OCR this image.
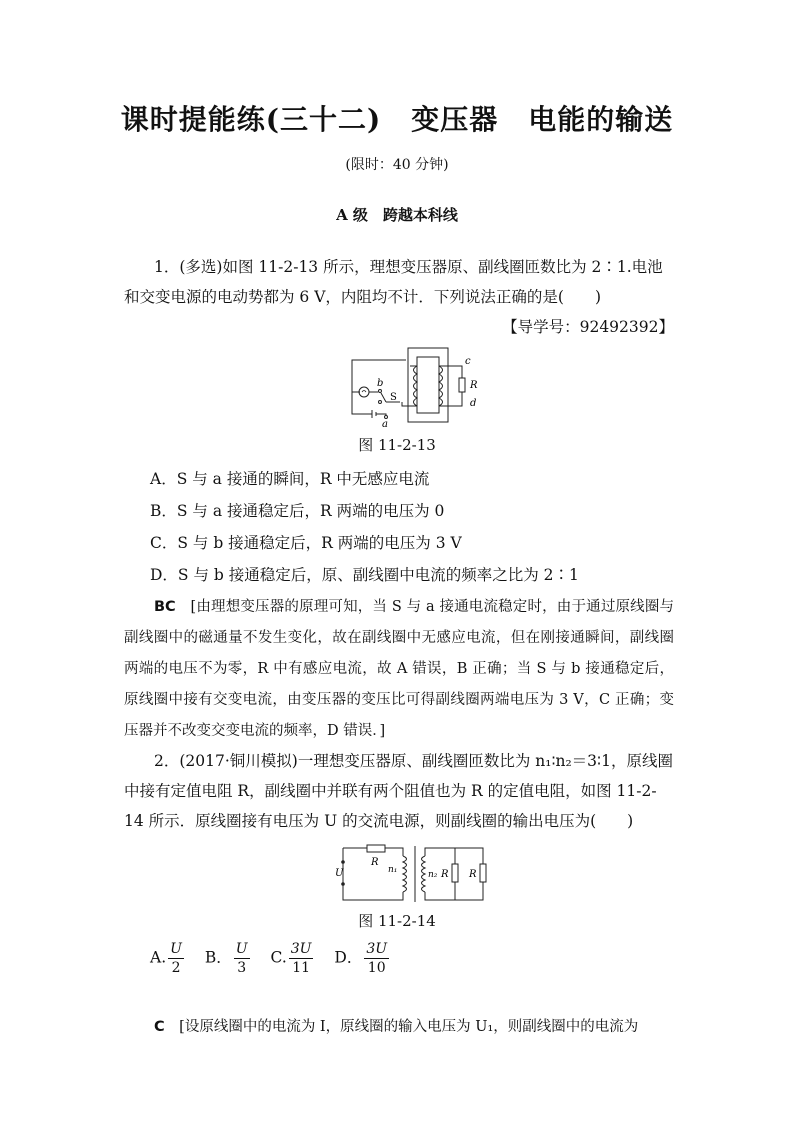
课时提能练(三十二) 变压器 电能的输送
(限时：40 分钟)
A 级　跨越本科线
1．(多选)如图 11-2-13 所示，理想变压器原、副线圈匝数比为 2∶1.电池和交变电源的电动势都为 6 V，内阻均不计．下列说法正确的是(　　)
【导学号：92492392】
b
S
a
c
R
d
图 11-2-13
A．S 与 a 接通的瞬间，R 中无感应电流
B．S 与 a 接通稳定后，R 两端的电压为 0
C．S 与 b 接通稳定后，R 两端的电压为 3 V
D．S 与 b 接通稳定后，原、副线圈中电流的频率之比为 2∶1
BC　 [由理想变压器的原理可知，当 S 与 a 接通电流稳定时，由于通过原线圈与副线圈中的磁通量不发生变化，故在副线圈中无感应电流，但在刚接通瞬间，副线圈两端的电压不为零，R 中有感应电流，故 A 错误，B 正确；当 S 与 b 接通稳定后，原线圈中接有交变电流，由变压器的变压比可得副线圈两端电压为 3 V，C 正确；变压器并不改变交变电流的频率，D 错误．]
2．(2017·铜川模拟)一理想变压器原、副线圈匝数比为 n₁∶n₂＝3∶1，原线圈中接有定值电阻 R，副线圈中并联有两个阻值也为 R 的定值电阻，如图 11-2-14 所示．原线圈接有电压为 U 的交流电源，则副线圈的输出电压为(　　)
R
U	n₁	n₂ R R
图 11-2-14
A. $\frac{U}{2}$ B． $\frac{U}{3} C$. $\frac{3U}{11}$ D． $\frac{3U}{10}$
C　 [设原线圈中的电流为 I，原线圈的输入电压为 U₁，则副线圈中的电流为
